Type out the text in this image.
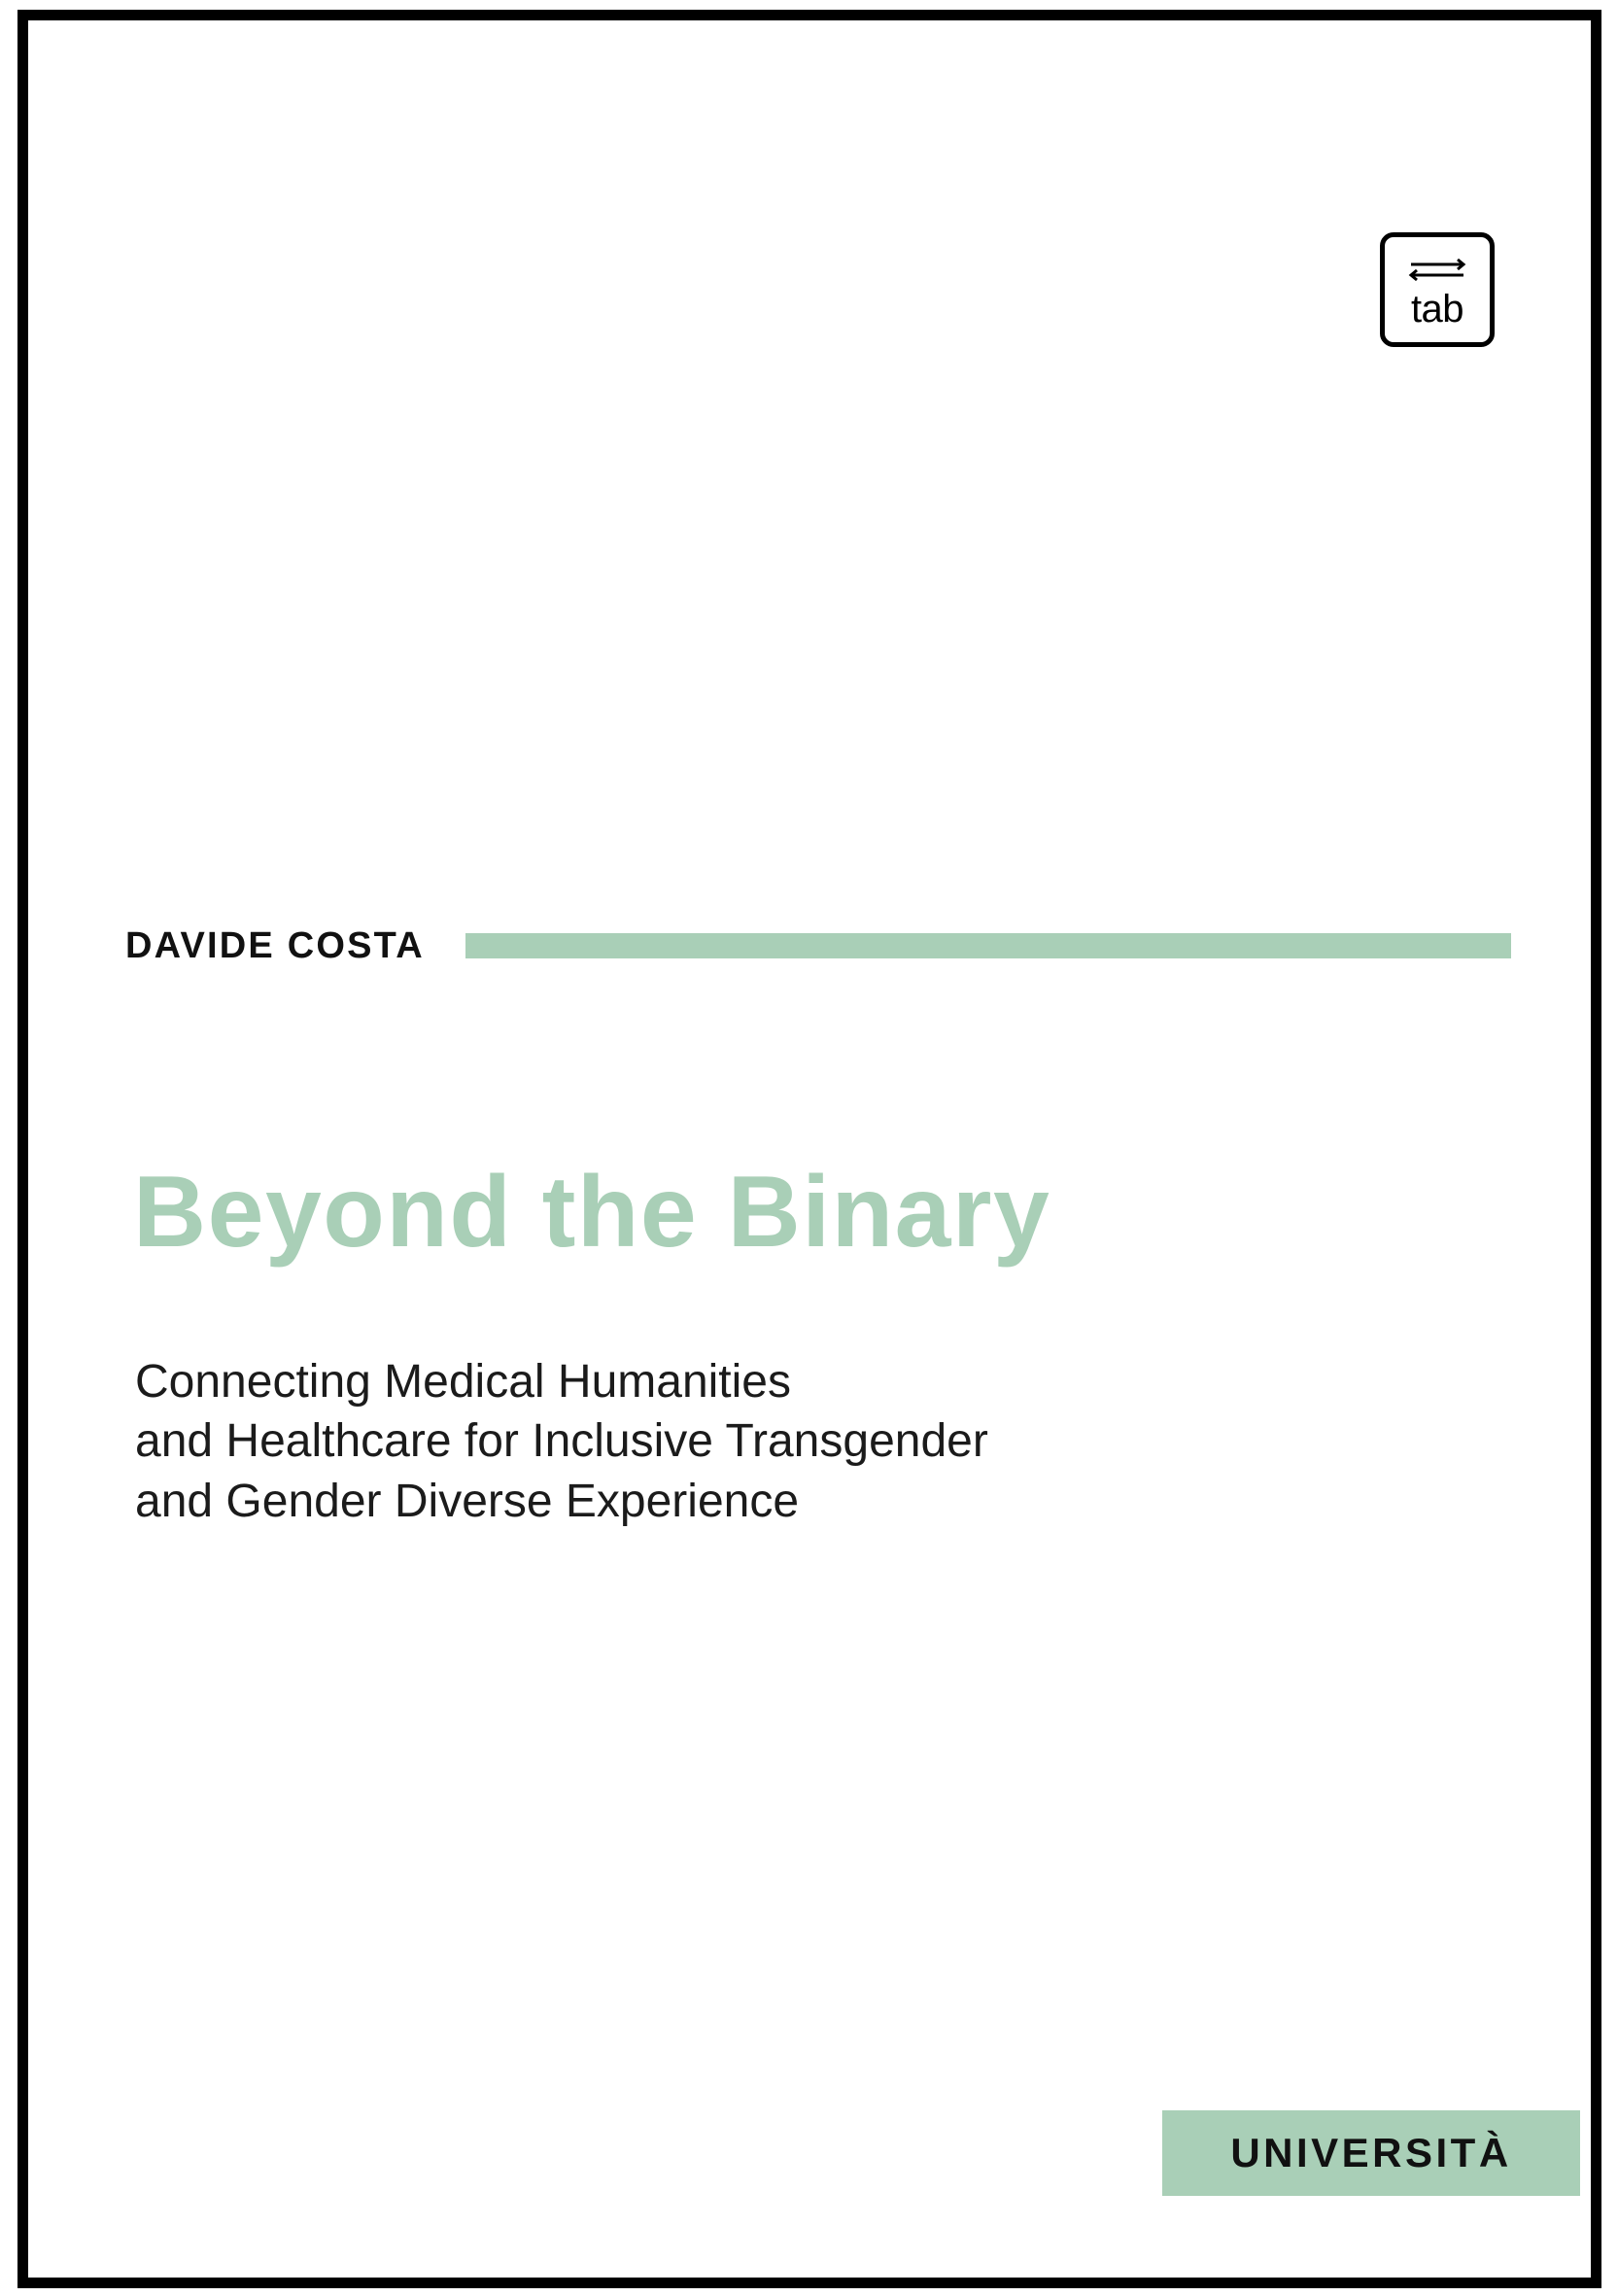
tab
DAVIDE COSTA
Beyond the Binary
Connecting Medical Humanities
and Healthcare for Inclusive Transgender
and Gender Diverse Experience
UNIVERSITÀ
